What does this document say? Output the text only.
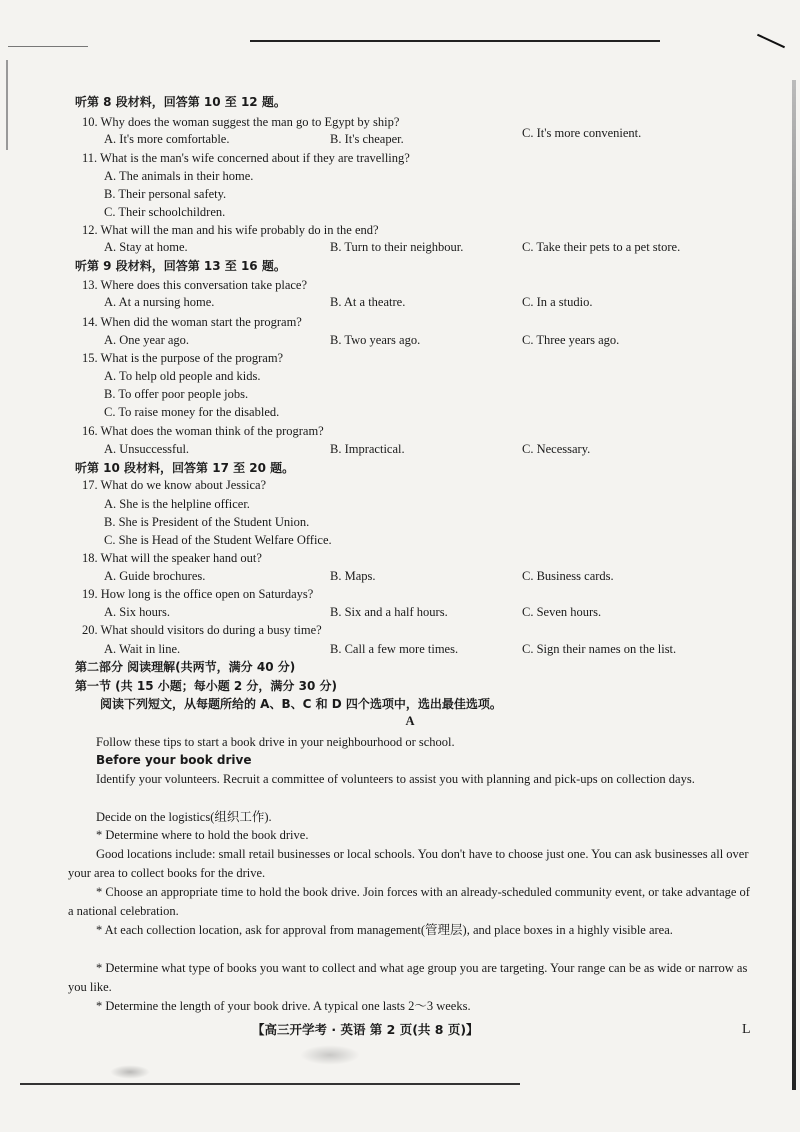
听第 8 段材料，回答第 10 至 12 题。
10. Why does the woman suggest the man go to Egypt by ship?
A. It's more comfortable.	B. It's cheaper.	C. It's more convenient.
11. What is the man's wife concerned about if they are travelling?
A. The animals in their home.
B. Their personal safety.
C. Their schoolchildren.
12. What will the man and his wife probably do in the end?
A. Stay at home.	B. Turn to their neighbour.	C. Take their pets to a pet store.
听第 9 段材料，回答第 13 至 16 题。
13. Where does this conversation take place?
A. At a nursing home.	B. At a theatre.	C. In a studio.
14. When did the woman start the program?
A. One year ago.	B. Two years ago.	C. Three years ago.
15. What is the purpose of the program?
A. To help old people and kids.
B. To offer poor people jobs.
C. To raise money for the disabled.
16. What does the woman think of the program?
A. Unsuccessful.	B. Impractical.	C. Necessary.
听第 10 段材料，回答第 17 至 20 题。
17. What do we know about Jessica?
A. She is the helpline officer.
B. She is President of the Student Union.
C. She is Head of the Student Welfare Office.
18. What will the speaker hand out?
A. Guide brochures.	B. Maps.	C. Business cards.
19. How long is the office open on Saturdays?
A. Six hours.	B. Six and a half hours.	C. Seven hours.
20. What should visitors do during a busy time?
A. Wait in line.	B. Call a few more times.	C. Sign their names on the list.
第二部分 阅读理解(共两节，满分 40 分)
第一节 (共 15 小题；每小题 2 分，满分 30 分)
阅读下列短文，从每题所给的 A、B、C 和 D 四个选项中，选出最佳选项。
A
Follow these tips to start a book drive in your neighbourhood or school.
Before your book drive
Identify your volunteers. Recruit a committee of volunteers to assist you with planning and pick-ups on collection days.
Decide on the logistics(组织工作).
* Determine where to hold the book drive.
Good locations include: small retail businesses or local schools. You don't have to choose just one. You can ask businesses all over your area to collect books for the drive.
* Choose an appropriate time to hold the book drive. Join forces with an already-scheduled community event, or take advantage of a national celebration.
* At each collection location, ask for approval from management(管理层), and place boxes in a highly visible area.
* Determine what type of books you want to collect and what age group you are targeting. Your range can be as wide or narrow as you like.
* Determine the length of your book drive. A typical one lasts 2～3 weeks.
【高三开学考 · 英语 第 2 页(共 8 页)】	L
